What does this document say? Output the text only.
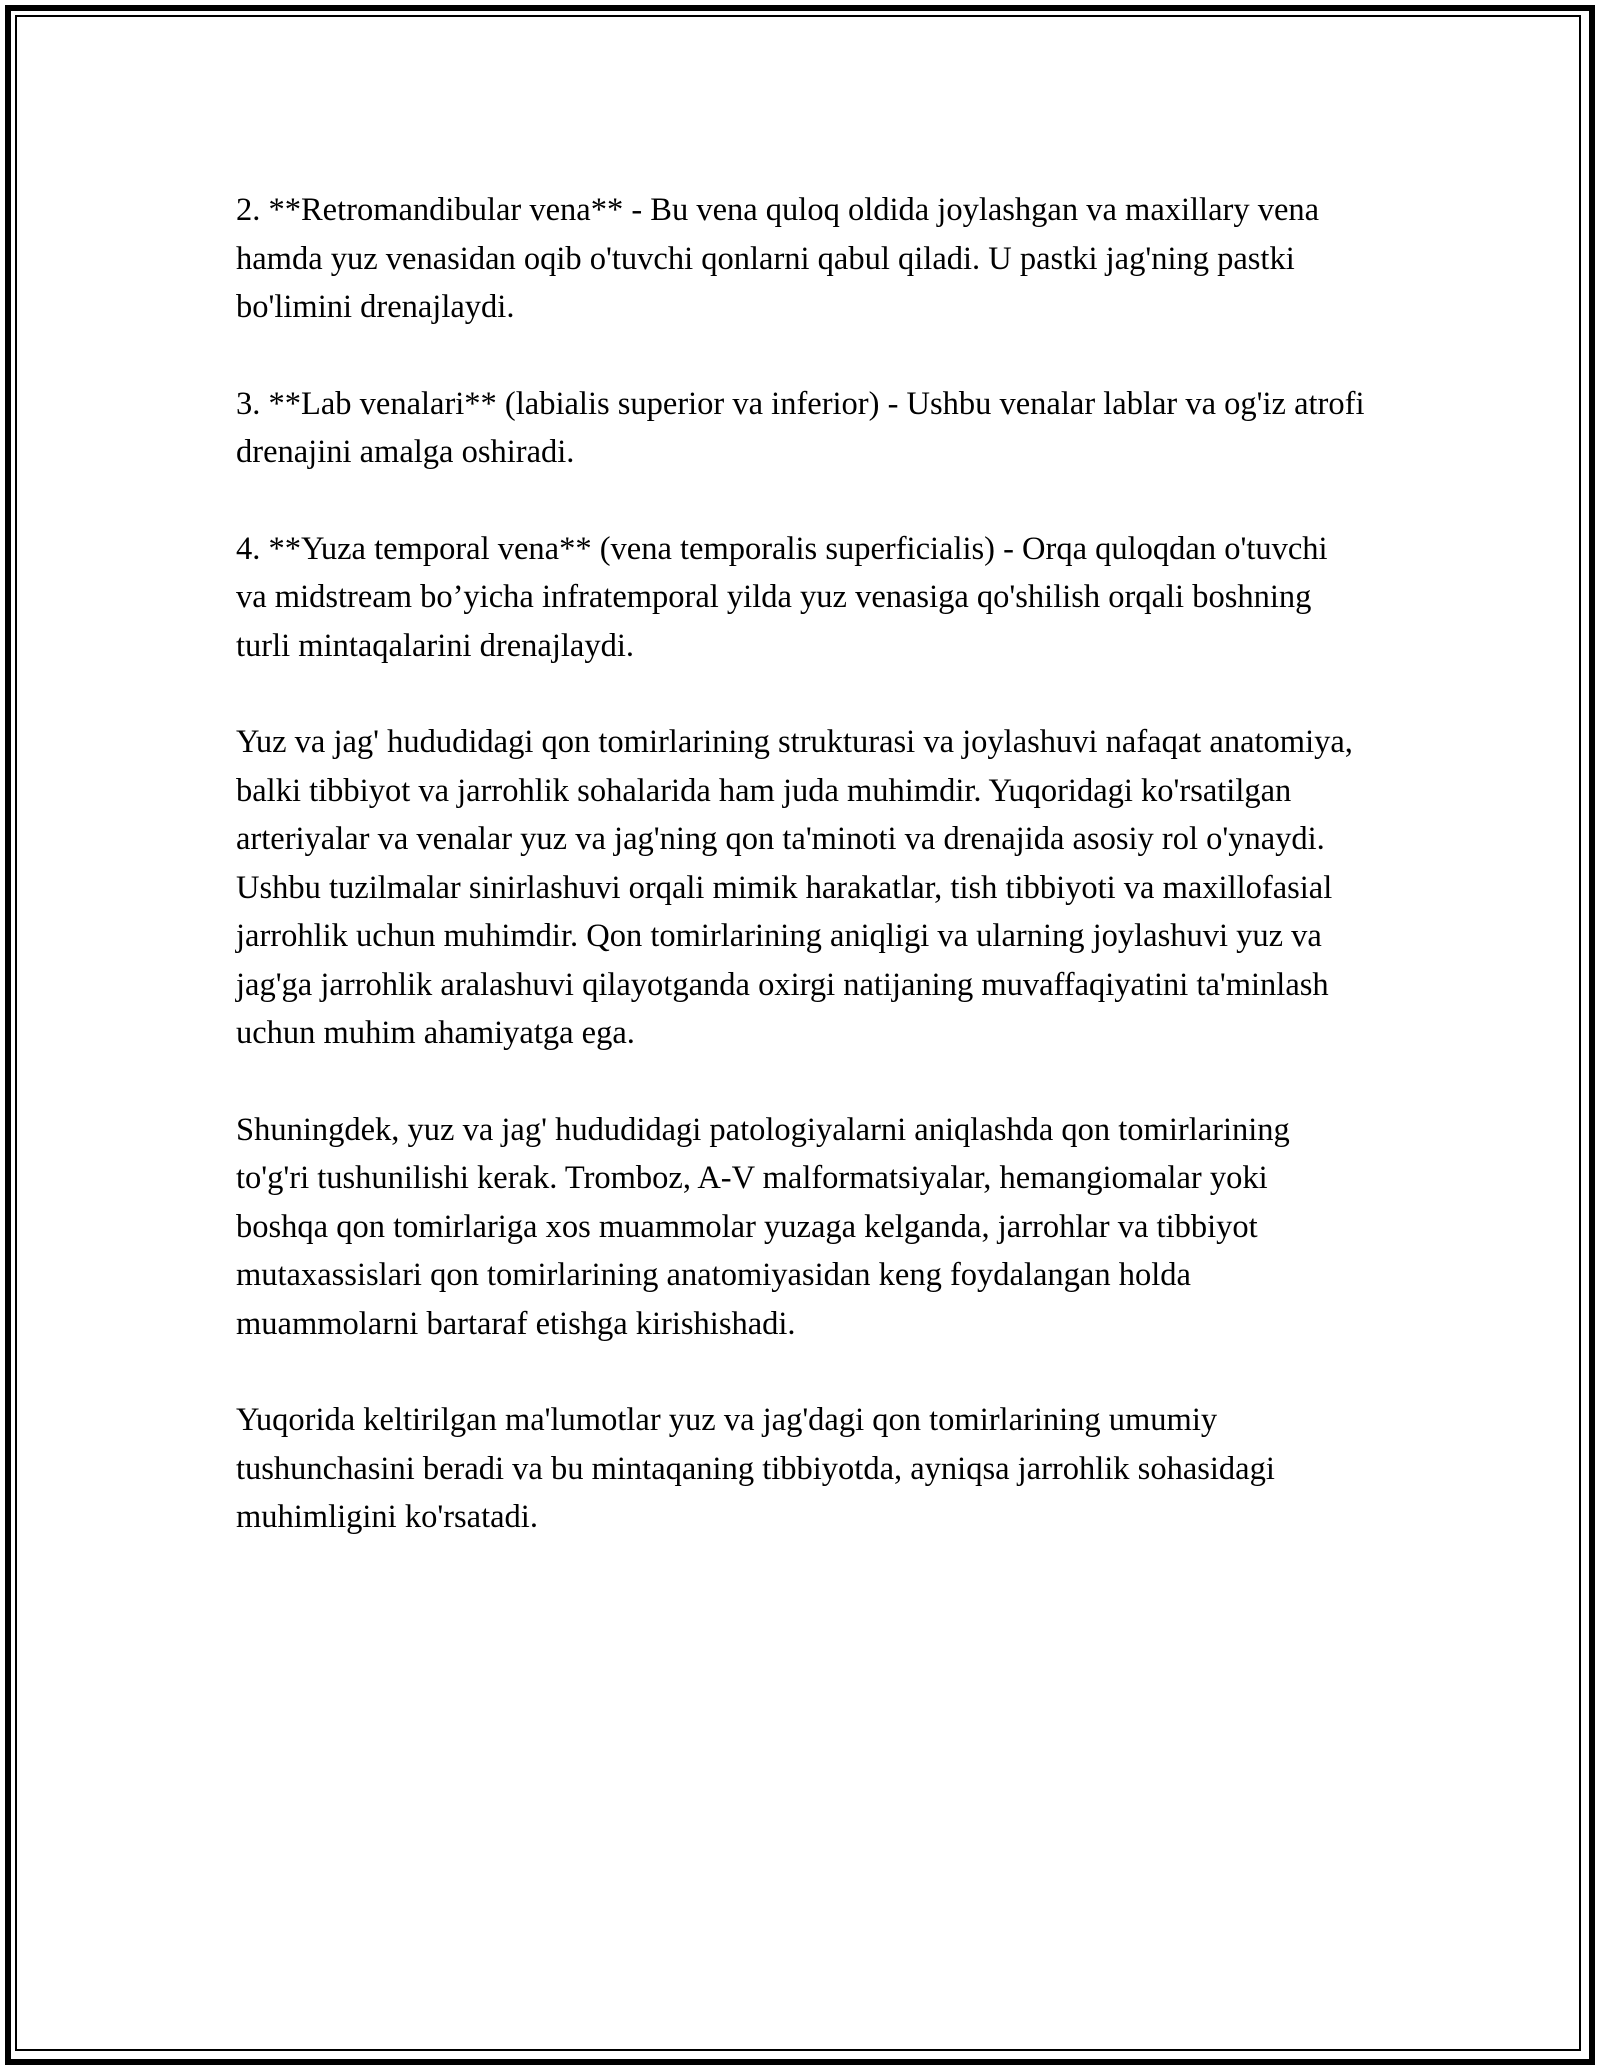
2. **Retromandibular vena** - Bu vena quloq oldida joylashgan va maxillary vena hamda yuz venasidan oqib o'tuvchi qonlarni qabul qiladi. U pastki jag'ning pastki bo'limini drenajlaydi.

3. **Lab venalari** (labialis superior va inferior) - Ushbu venalar lablar va og'iz atrofi drenajini amalga oshiradi.

4. **Yuza temporal vena** (vena temporalis superficialis) - Orqa quloqdan o'tuvchi va midstream bo’yicha infratemporal yilda yuz venasiga qo'shilish orqali boshning turli mintaqalarini drenajlaydi.

Yuz va jag' hududidagi qon tomirlarining strukturasi va joylashuvi nafaqat anatomiya, balki tibbiyot va jarrohlik sohalarida ham juda muhimdir. Yuqoridagi ko'rsatilgan arteriyalar va venalar yuz va jag'ning qon ta'minoti va drenajida asosiy rol o'ynaydi. Ushbu tuzilmalar sinirlashuvi orqali mimik harakatlar, tish tibbiyoti va maxillofasial jarrohlik uchun muhimdir. Qon tomirlarining aniqligi va ularning joylashuvi yuz va jag'ga jarrohlik aralashuvi qilayotganda oxirgi natijaning muvaffaqiyatini ta'minlash uchun muhim ahamiyatga ega.

Shuningdek, yuz va jag' hududidagi patologiyalarni aniqlashda qon tomirlarining to'g'ri tushunilishi kerak. Tromboz, A-V malformatsiyalar, hemangiomalar yoki boshqa qon tomirlariga xos muammolar yuzaga kelganda, jarrohlar va tibbiyot mutaxassislari qon tomirlarining anatomiyasidan keng foydalangan holda muammolarni bartaraf etishga kirishishadi.

Yuqorida keltirilgan ma'lumotlar yuz va jag'dagi qon tomirlarining umumiy tushunchasini beradi va bu mintaqaning tibbiyotda, ayniqsa jarrohlik sohasidagi muhimligini ko'rsatadi.
